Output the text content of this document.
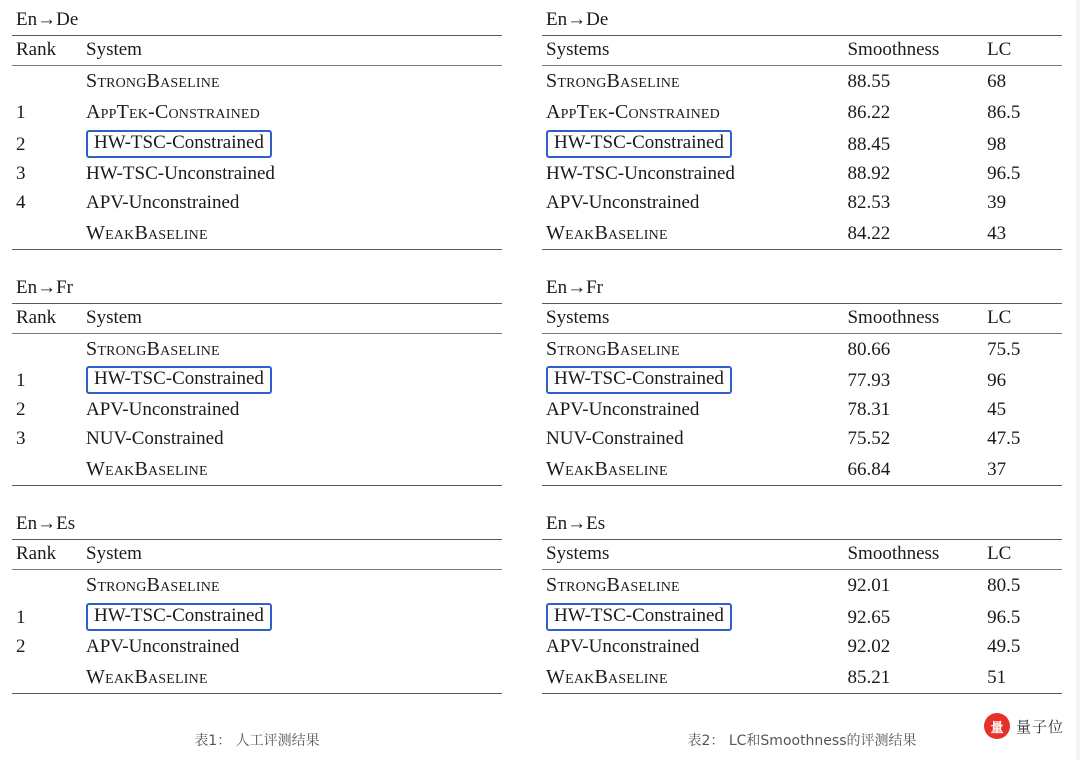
En→De	
Rank	System
	StrongBaseline
1	AppTek-Constrained
2	HW-TSC-Constrained
3	HW-TSC-Unconstrained
4	APV-Unconstrained
	WeakBaseline

En→Fr	
Rank	System
	StrongBaseline
1	HW-TSC-Constrained
2	APV-Unconstrained
3	NUV-Constrained
	WeakBaseline

En→Es	
Rank	System
	StrongBaseline
1	HW-TSC-Constrained
2	APV-Unconstrained
	WeakBaseline

En→De		
Systems	Smoothness	LC
StrongBaseline	88.55	68
AppTek-Constrained	86.22	86.5
HW-TSC-Constrained	88.45	98
HW-TSC-Unconstrained	88.92	96.5
APV-Unconstrained	82.53	39
WeakBaseline	84.22	43

En→Fr		
Systems	Smoothness	LC
StrongBaseline	80.66	75.5
HW-TSC-Constrained	77.93	96
APV-Unconstrained	78.31	45
NUV-Constrained	75.52	47.5
WeakBaseline	66.84	37

En→Es		
Systems	Smoothness	LC
StrongBaseline	92.01	80.5
HW-TSC-Constrained	92.65	96.5
APV-Unconstrained	92.02	49.5
WeakBaseline	85.21	51

表1： 人工评测结果	表2： LC和Smoothness的评测结果
量 量子位
